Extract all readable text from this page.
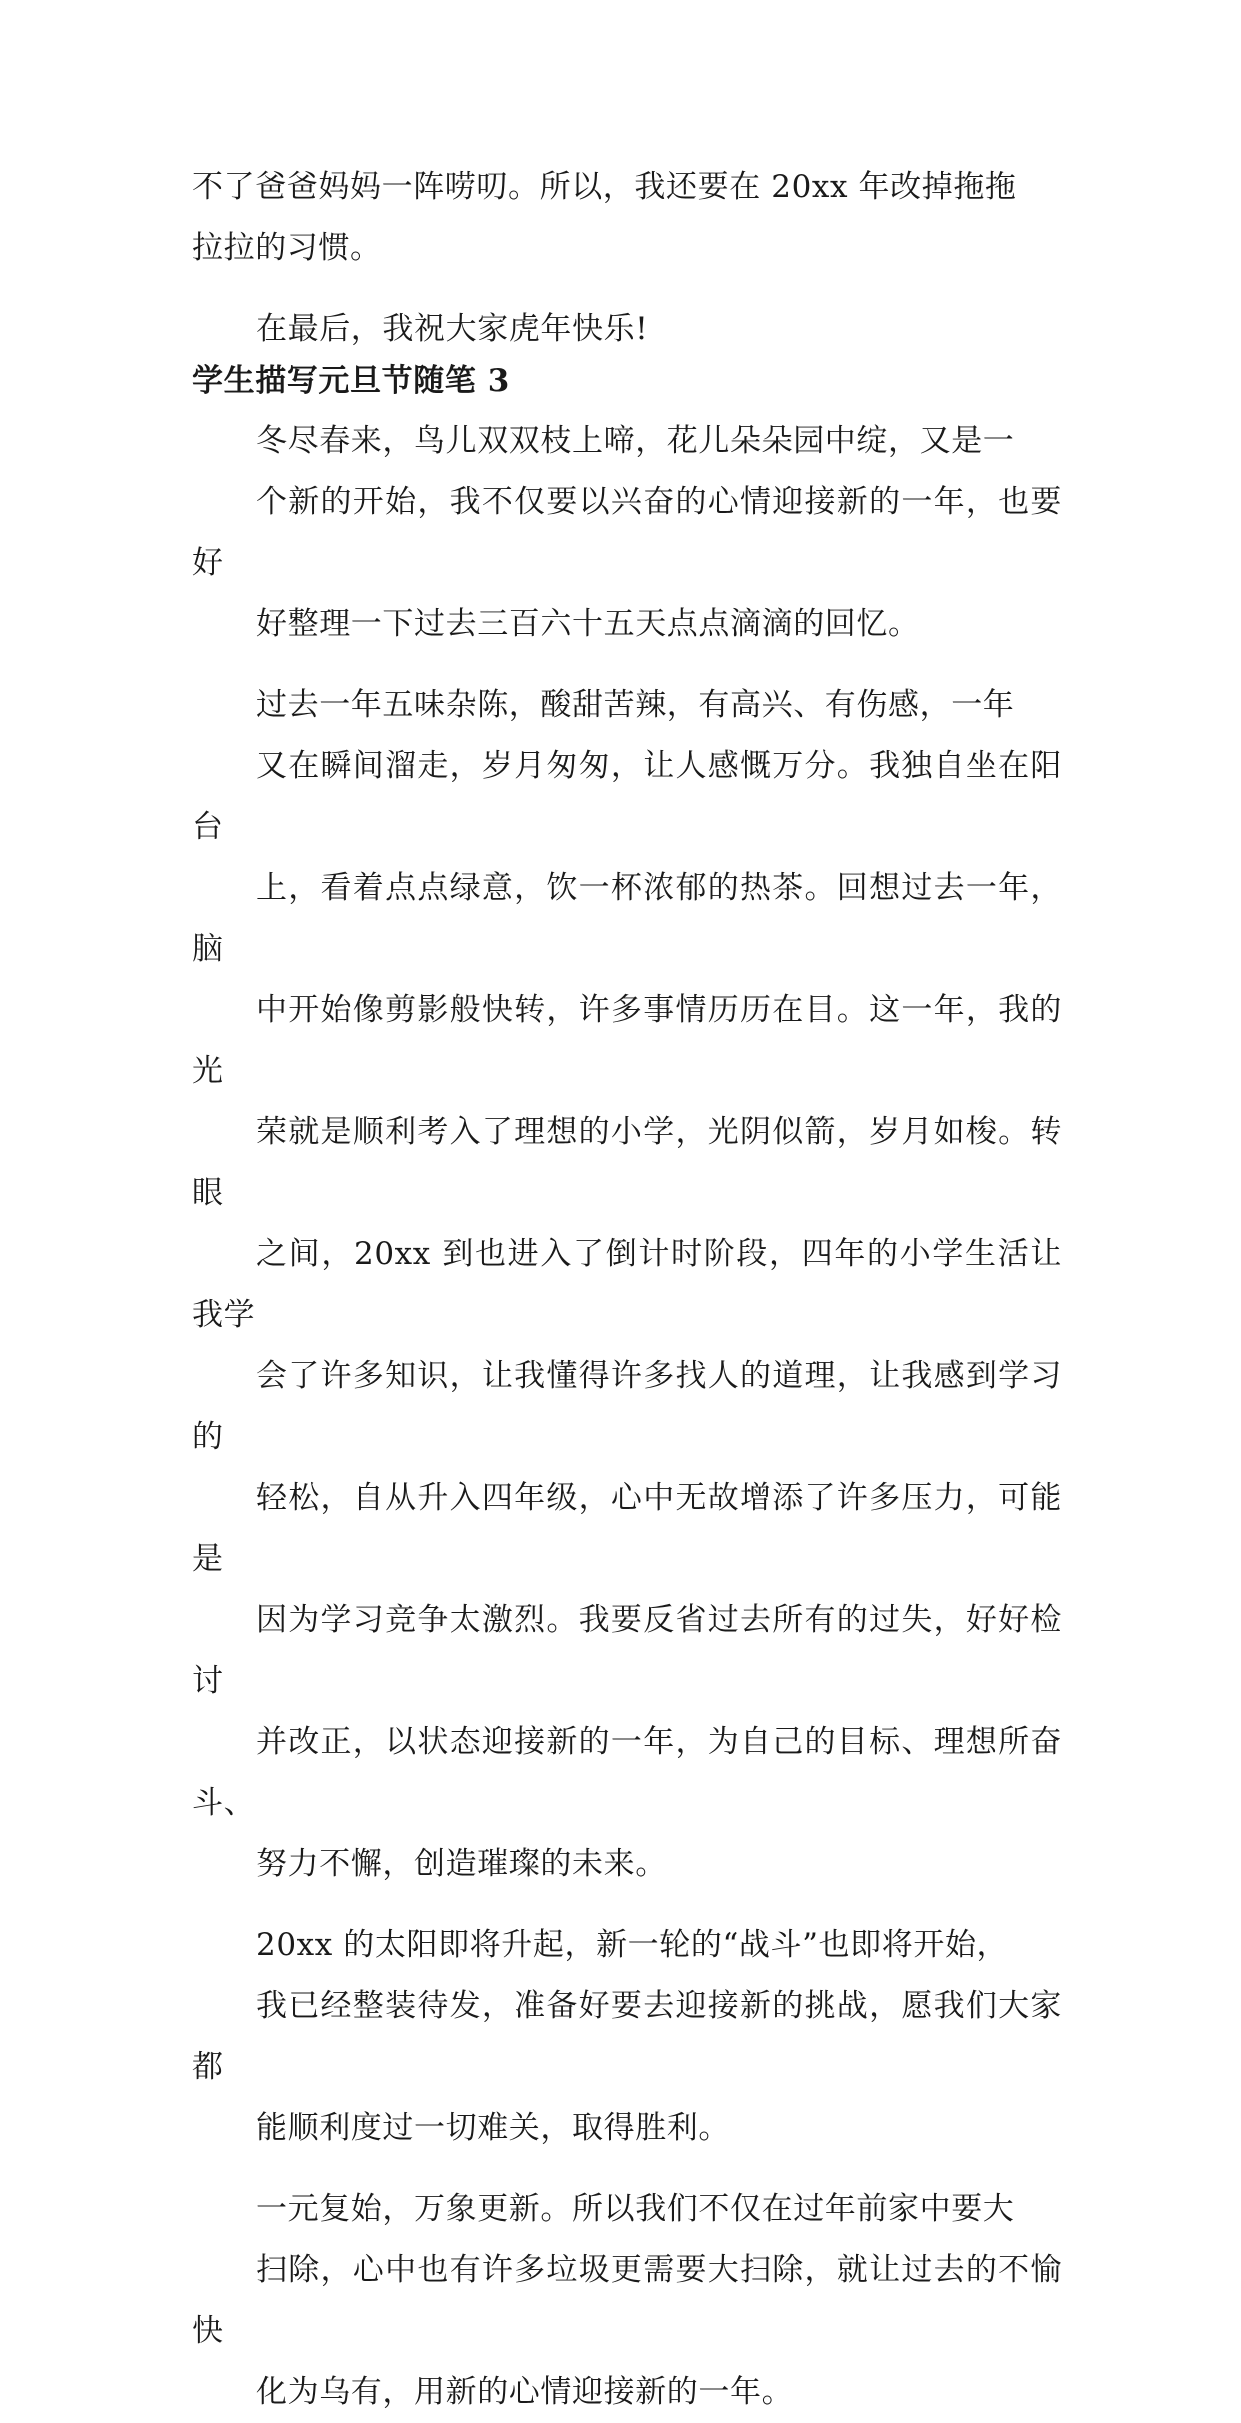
不了爸爸妈妈一阵唠叨。所以，我还要在 20xx 年改掉拖拖
拉拉的习惯。

在最后，我祝大家虎年快乐!

学生描写元旦节随笔 3

冬尽春来，鸟儿双双枝上啼，花儿朵朵园中绽，又是一
个新的开始，我不仅要以兴奋的心情迎接新的一年，也要好
好整理一下过去三百六十五天点点滴滴的回忆。

过去一年五味杂陈，酸甜苦辣，有高兴、有伤感，一年
又在瞬间溜走，岁月匆匆，让人感慨万分。我独自坐在阳台
上，看着点点绿意，饮一杯浓郁的热茶。回想过去一年，脑
中开始像剪影般快转，许多事情历历在目。这一年，我的光
荣就是顺利考入了理想的小学，光阴似箭，岁月如梭。转眼
之间，20xx 到也进入了倒计时阶段，四年的小学生活让我学
会了许多知识，让我懂得许多找人的道理，让我感到学习的
轻松，自从升入四年级，心中无故增添了许多压力，可能是
因为学习竞争太激烈。我要反省过去所有的过失，好好检讨
并改正，以状态迎接新的一年，为自己的目标、理想所奋斗、
努力不懈，创造璀璨的未来。

20xx 的太阳即将升起，新一轮的“战斗”也即将开始，
我已经整装待发，准备好要去迎接新的挑战，愿我们大家都
能顺利度过一切难关，取得胜利。

一元复始，万象更新。所以我们不仅在过年前家中要大
扫除，心中也有许多垃圾更需要大扫除，就让过去的不愉快
化为乌有，用新的心情迎接新的一年。
